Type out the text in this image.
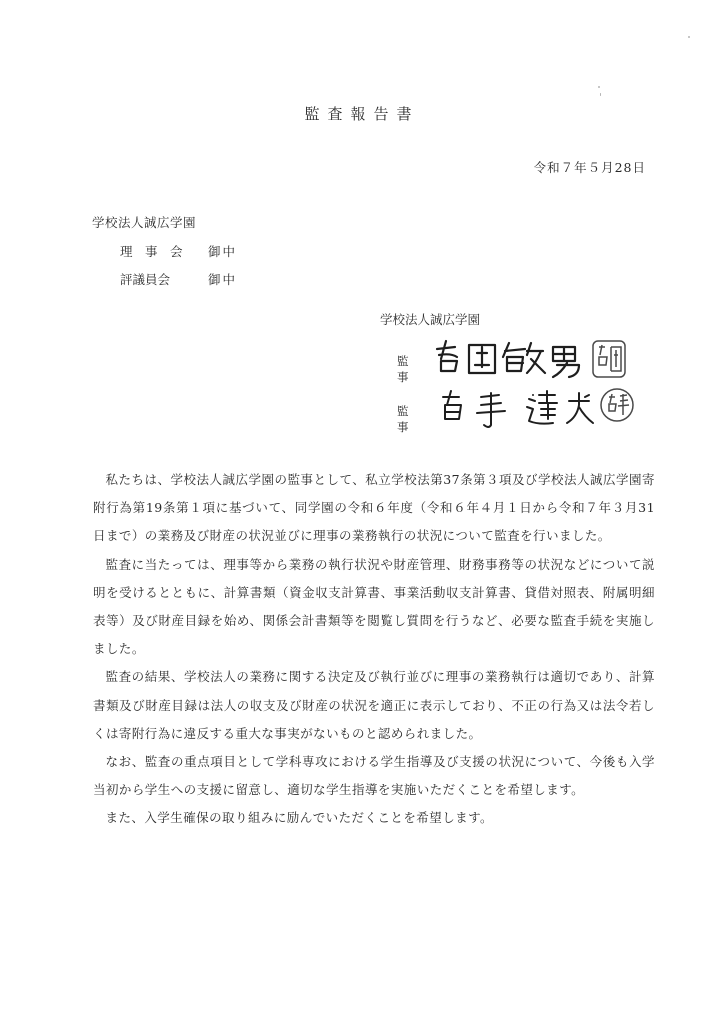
監査報告書
令和７年５月28日
学校法人誠広学園
理　事　会 御中
評議員会	御中
学校法人誠広学園
監事
監事

私たちは、学校法人誠広学園の監事として、私立学校法第37条第３項及び学校法人誠広学園寄附行為第19条第１項に基づいて、同学園の令和６年度（令和６年４月１日から令和７年３月31日まで）の業務及び財産の状況並びに理事の業務執行の状況について監査を行いました。

監査に当たっては、理事等から業務の執行状況や財産管理、財務事務等の状況などについて説明を受けるとともに、計算書類（資金収支計算書、事業活動収支計算書、貸借対照表、附属明細表等）及び財産目録を始め、関係会計書類等を閲覧し質問を行うなど、必要な監査手続を実施しました。

監査の結果、学校法人の業務に関する決定及び執行並びに理事の業務執行は適切であり、計算書類及び財産目録は法人の収支及び財産の状況を適正に表示しており、不正の行為又は法令若しくは寄附行為に違反する重大な事実がないものと認められました。

なお、監査の重点項目として学科専攻における学生指導及び支援の状況について、今後も入学当初から学生への支援に留意し、適切な学生指導を実施いただくことを希望します。

また、入学生確保の取り組みに励んでいただくことを希望します。
